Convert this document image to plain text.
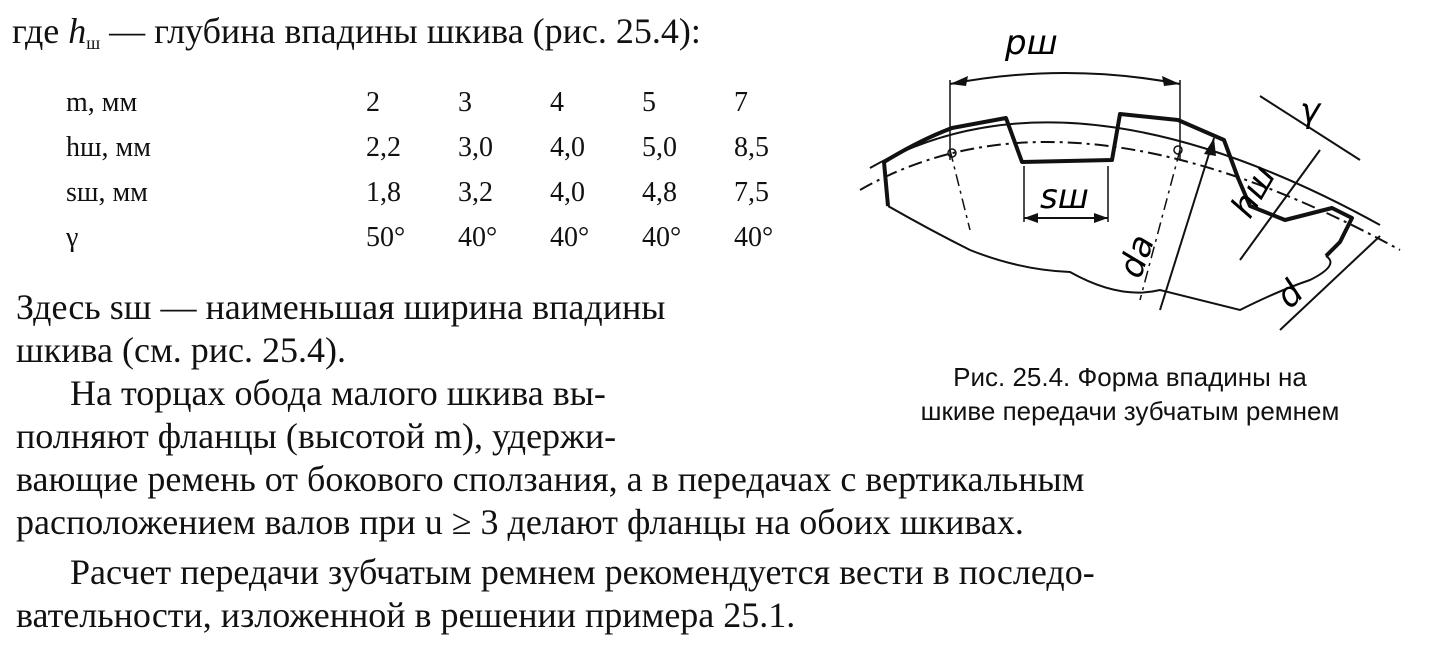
где $h_ш$ — глубина впадины шкива (рис. 25.4):
m, мм	2	3	4	5	7
hш, мм	2,2	3,0	4,0	5,0	8,5
sш, мм	1,8	3,2	4,0	4,8	7,5
γ	50°	40°	40°	40°	40°
Здесь sш — наименьшая ширина впадины
шкива (см. рис. 25.4).
На торцах обода малого шкива вы-
полняют фланцы (высотой m), удержи-
вающие ремень от бокового сползания, а в передачах с вертикальным
расположением валов при u ≥ 3 делают фланцы на обоих шкивах.
Расчет передачи зубчатым ремнем рекомендуется вести в последо-
вательности, изложенной в решении примера 25.1.
pш
sш
γ
hш
da
d
Рис. 25.4. Форма впадины на
шкиве передачи зубчатым ремнем
